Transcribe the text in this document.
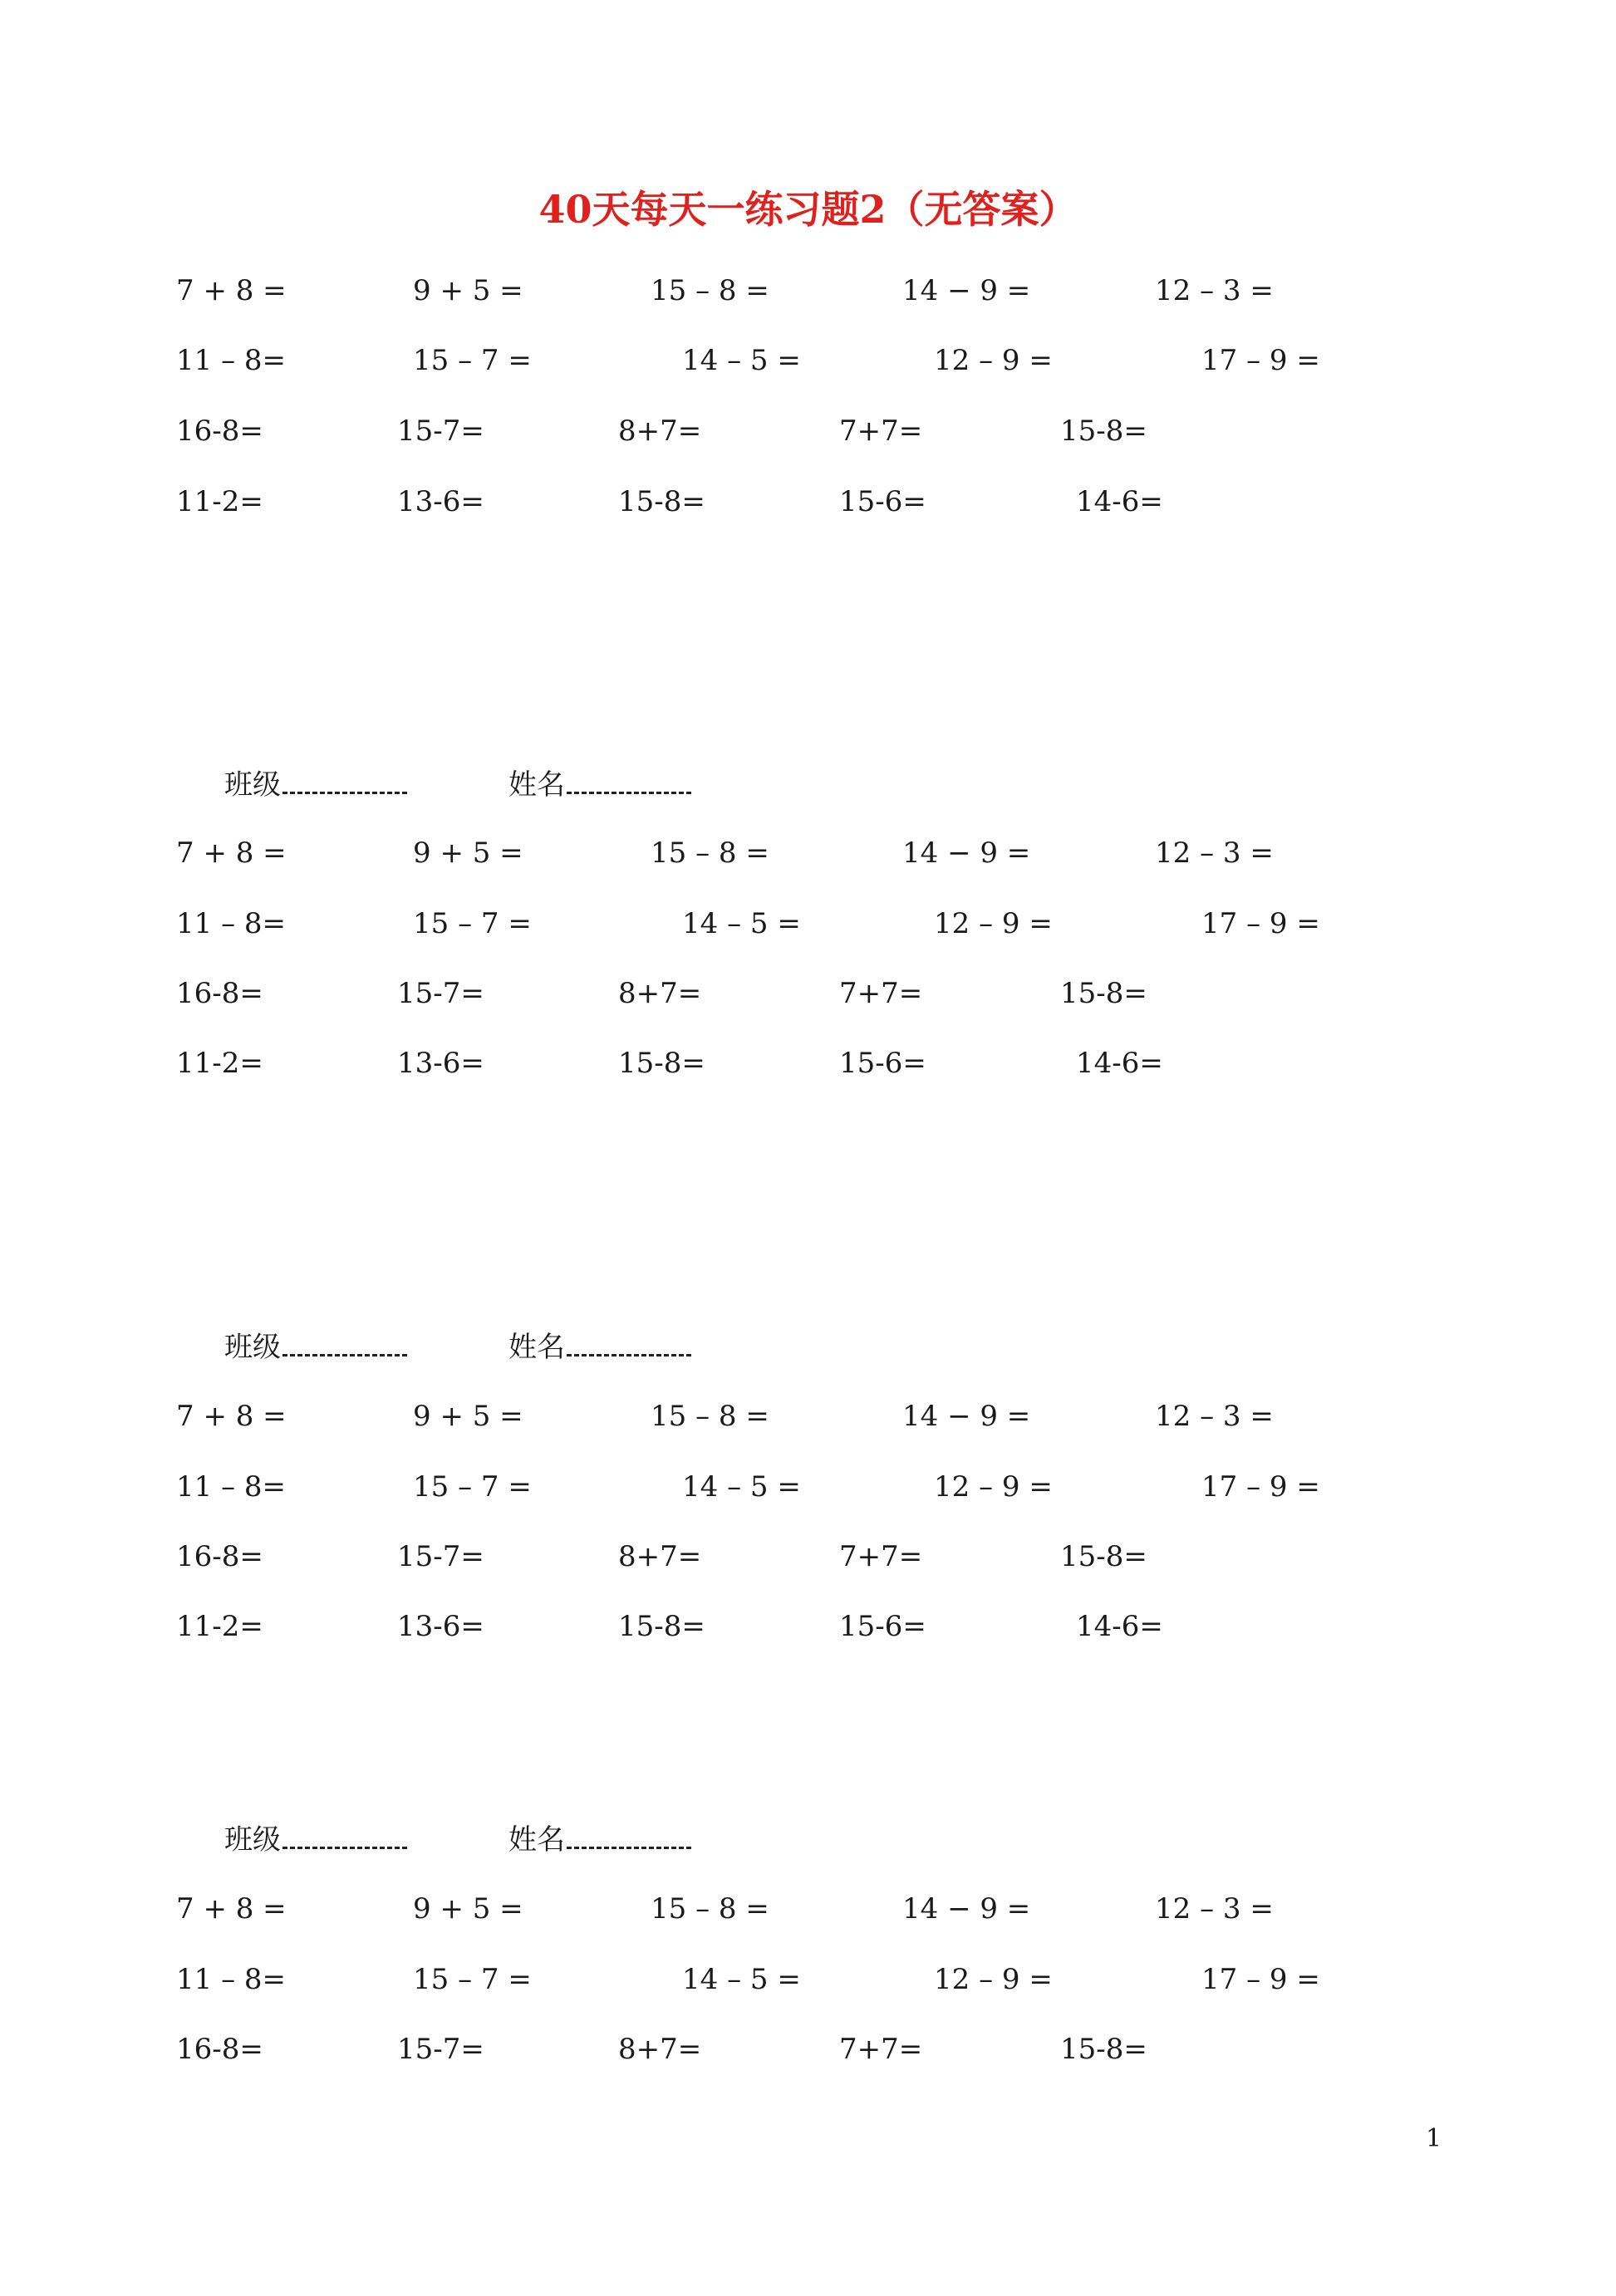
40天每天一练习题2（无答案）
7 + 8 =	9 + 5 =	15 – 8 =	14 − 9 =	12 – 3 =
11 – 8=	15 – 7 =	14 – 5 =	12 – 9 =	17 – 9 =
16-8=	15-7=	8+7=	7+7=	15-8=
11-2=	13-6=	15-8=	15-6=	14-6=
班级	姓名
7 + 8 =	9 + 5 =	15 – 8 =	14 − 9 =	12 – 3 =
11 – 8=	15 – 7 =	14 – 5 =	12 – 9 =	17 – 9 =
16-8=	15-7=	8+7=	7+7=	15-8=
11-2=	13-6=	15-8=	15-6=	14-6=
班级	姓名
7 + 8 =	9 + 5 =	15 – 8 =	14 − 9 =	12 – 3 =
11 – 8=	15 – 7 =	14 – 5 =	12 – 9 =	17 – 9 =
16-8=	15-7=	8+7=	7+7=	15-8=
11-2=	13-6=	15-8=	15-6=	14-6=
班级	姓名
7 + 8 =	9 + 5 =	15 – 8 =	14 − 9 =	12 – 3 =
11 – 8=	15 – 7 =	14 – 5 =	12 – 9 =	17 – 9 =
16-8=	15-7=	8+7=	7+7=	15-8=
1
